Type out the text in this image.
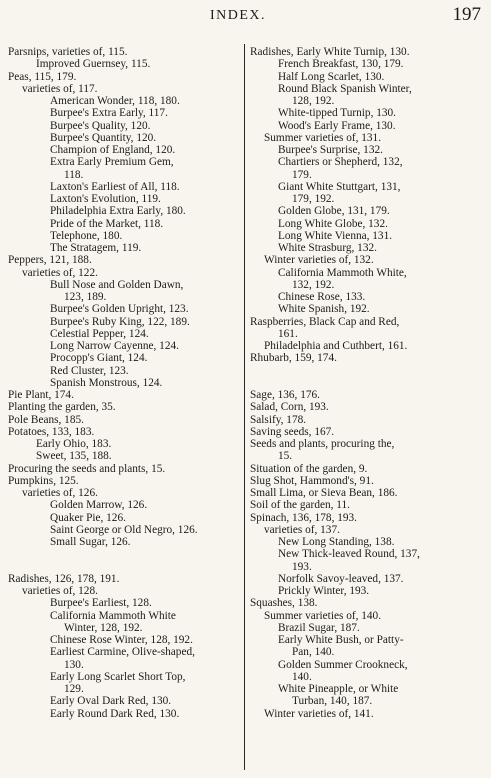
INDEX.	197
Parsnips, varieties of, 115.
Improved Guernsey, 115.
Peas, 115, 179.
varieties of, 117.
American Wonder, 118, 180.
Burpee's Extra Early, 117.
Burpee's Quality, 120.
Burpee's Quantity, 120.
Champion of England, 120.
Extra Early Premium Gem,
118.
Laxton's Earliest of All, 118.
Laxton's Evolution, 119.
Philadelphia Extra Early, 180.
Pride of the Market, 118.
Telephone, 180.
The Stratagem, 119.
Peppers, 121, 188.
varieties of, 122.
Bull Nose and Golden Dawn,
123, 189.
Burpee's Golden Upright, 123.
Burpee's Ruby King, 122, 189.
Celestial Pepper, 124.
Long Narrow Cayenne, 124.
Procopp's Giant, 124.
Red Cluster, 123.
Spanish Monstrous, 124.
Pie Plant, 174.
Planting the garden, 35.
Pole Beans, 185.
Potatoes, 133, 183.
Early Ohio, 183.
Sweet, 135, 188.
Procuring the seeds and plants, 15.
Pumpkins, 125.
varieties of, 126.
Golden Marrow, 126.
Quaker Pie, 126.
Saint George or Old Negro, 126.
Small Sugar, 126.
Radishes, 126, 178, 191.
varieties of, 128.
Burpee's Earliest, 128.
California Mammoth White
Winter, 128, 192.
Chinese Rose Winter, 128, 192.
Earliest Carmine, Olive-shaped,
130.
Early Long Scarlet Short Top,
129.
Early Oval Dark Red, 130.
Early Round Dark Red, 130.
Radishes, Early White Turnip, 130.
French Breakfast, 130, 179.
Half Long Scarlet, 130.
Round Black Spanish Winter,
128, 192.
White-tipped Turnip, 130.
Wood's Early Frame, 130.
Summer varieties of, 131.
Burpee's Surprise, 132.
Chartiers or Shepherd, 132,
179.
Giant White Stuttgart, 131,
179, 192.
Golden Globe, 131, 179.
Long White Globe, 132.
Long White Vienna, 131.
White Strasburg, 132.
Winter varieties of, 132.
California Mammoth White,
132, 192.
Chinese Rose, 133.
White Spanish, 192.
Raspberries, Black Cap and Red,
161.
Philadelphia and Cuthbert, 161.
Rhubarb, 159, 174.
Sage, 136, 176.
Salad, Corn, 193.
Salsify, 178.
Saving seeds, 167.
Seeds and plants, procuring the,
15.
Situation of the garden, 9.
Slug Shot, Hammond's, 91.
Small Lima, or Sieva Bean, 186.
Soil of the garden, 11.
Spinach, 136, 178, 193.
varieties of, 137.
New Long Standing, 138.
New Thick-leaved Round, 137,
193.
Norfolk Savoy-leaved, 137.
Prickly Winter, 193.
Squashes, 138.
Summer varieties of, 140.
Brazil Sugar, 187.
Early White Bush, or Patty-
Pan, 140.
Golden Summer Crookneck,
140.
White Pineapple, or White
Turban, 140, 187.
Winter varieties of, 141.
